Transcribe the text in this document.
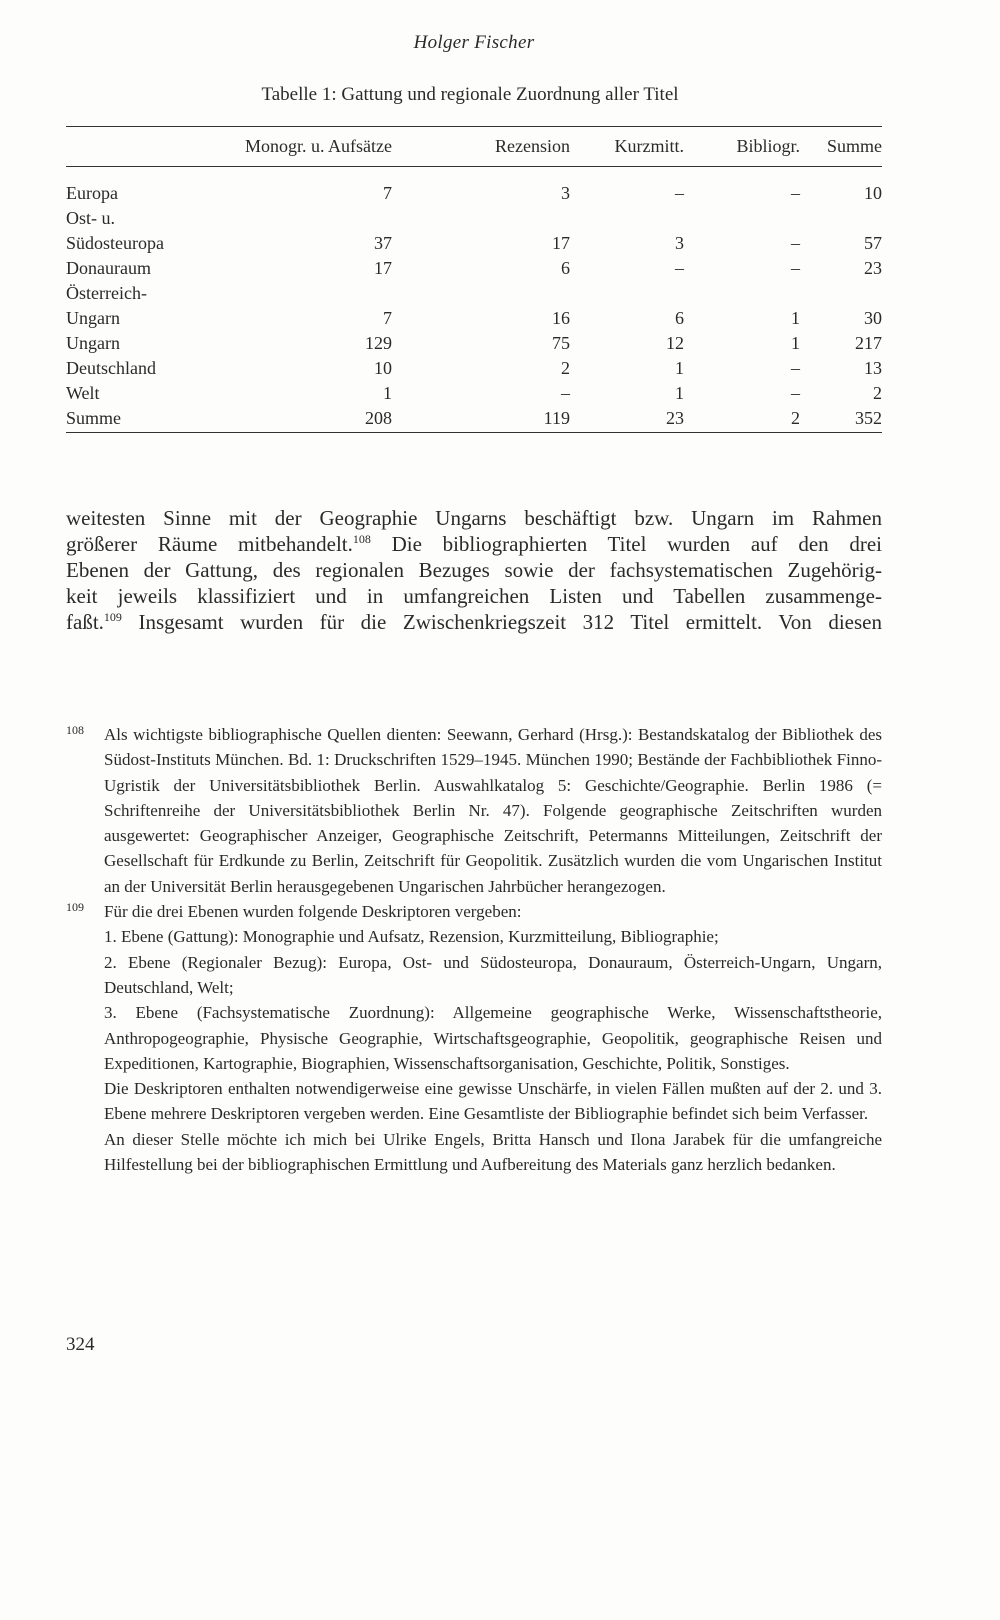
Holger Fischer
Tabelle 1: Gattung und regionale Zuordnung aller Titel
	Monogr. u. Aufsätze	Rezension	Kurzmitt.	Bibliogr.	Summe
Europa	7	3	–	–	10
Ost- u.					
Südosteuropa	37	17	3	–	57
Donauraum	17	6	–	–	23
Österreich-					
Ungarn	7	16	6	1	30
Ungarn	129	75	12	1	217
Deutschland	10	2	1	–	13
Welt	1	–	1	–	2
Summe	208	119	23	2	352
weitesten Sinne mit der Geographie Ungarns beschäftigt bzw. Ungarn im Rahmen
größerer Räume mitbehandelt.$^{108}$ Die bibliographierten Titel wurden auf den drei
Ebenen der Gattung, des regionalen Bezuges sowie der fachsystematischen Zugehörig-
keit jeweils klassifiziert und in umfangreichen Listen und Tabellen zusammenge-
faßt.$^{109}$ Insgesamt wurden für die Zwischenkriegszeit 312 Titel ermittelt. Von diesen
108 Als wichtigste bibliographische Quellen dienten: Seewann, Gerhard (Hrsg.): Bestandskatalog der Bibliothek des Südost-Instituts München. Bd. 1: Druckschriften 1529–1945. München 1990; Bestände der Fachbibliothek Finno-Ugristik der Universitätsbibliothek Berlin. Auswahlkatalog 5: Geschichte/Geographie. Berlin 1986 (= Schriftenreihe der Universitätsbibliothek Berlin Nr. 47). Folgende geographische Zeitschriften wurden ausgewertet: Geographischer Anzeiger, Geographische Zeitschrift, Petermanns Mitteilungen, Zeitschrift der Gesellschaft für Erdkunde zu Berlin, Zeitschrift für Geopolitik. Zusätzlich wurden die vom Ungarischen Institut an der Universität Berlin herausgegebenen Ungarischen Jahrbücher herangezogen.

109 Für die drei Ebenen wurden folgende Deskriptoren vergeben:

1. Ebene (Gattung): Monographie und Aufsatz, Rezension, Kurzmitteilung, Bibliographie;

2. Ebene (Regionaler Bezug): Europa, Ost- und Südosteuropa, Donauraum, Österreich-Ungarn, Ungarn, Deutschland, Welt;

3. Ebene (Fachsystematische Zuordnung): Allgemeine geographische Werke, Wissenschaftstheorie, Anthropogeographie, Physische Geographie, Wirtschaftsgeographie, Geopolitik, geographische Reisen und Expeditionen, Kartographie, Biographien, Wissenschaftsorganisation, Geschichte, Politik, Sonstiges.

Die Deskriptoren enthalten notwendigerweise eine gewisse Unschärfe, in vielen Fällen mußten auf der 2. und 3. Ebene mehrere Deskriptoren vergeben werden. Eine Gesamtliste der Bibliographie befindet sich beim Verfasser.

An dieser Stelle möchte ich mich bei Ulrike Engels, Britta Hansch und Ilona Jarabek für die umfangreiche Hilfestellung bei der bibliographischen Ermittlung und Aufbereitung des Materials ganz herzlich bedanken.

324
